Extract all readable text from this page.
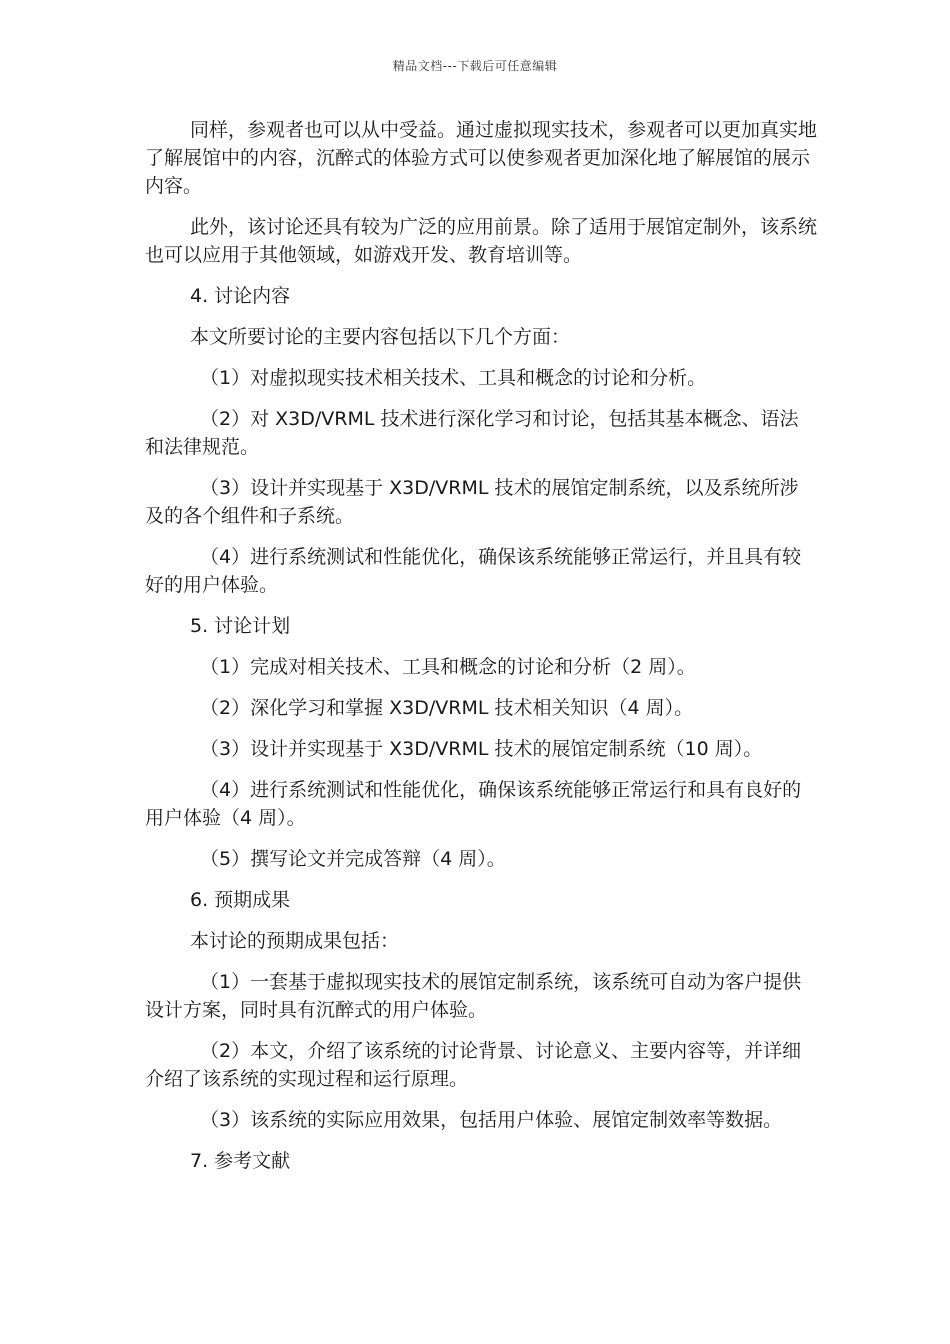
精品文档---下载后可任意编辑

同样，参观者也可以从中受益。通过虚拟现实技术，参观者可以更加真实地了解展馆中的内容，沉醉式的体验方式可以使参观者更加深化地了解展馆的展示内容。

此外，该讨论还具有较为广泛的应用前景。除了适用于展馆定制外，该系统也可以应用于其他领域，如游戏开发、教育培训等。

4. 讨论内容

本文所要讨论的主要内容包括以下几个方面：

（1）对虚拟现实技术相关技术、工具和概念的讨论和分析。

（2）对 X3D/VRML 技术进行深化学习和讨论，包括其基本概念、语法和法律规范。

（3）设计并实现基于 X3D/VRML 技术的展馆定制系统，以及系统所涉及的各个组件和子系统。

（4）进行系统测试和性能优化，确保该系统能够正常运行，并且具有较好的用户体验。

5. 讨论计划

（1）完成对相关技术、工具和概念的讨论和分析（2 周）。

（2）深化学习和掌握 X3D/VRML 技术相关知识（4 周）。

（3）设计并实现基于 X3D/VRML 技术的展馆定制系统（10 周）。

（4）进行系统测试和性能优化，确保该系统能够正常运行和具有良好的用户体验（4 周）。

（5）撰写论文并完成答辩（4 周）。

6. 预期成果

本讨论的预期成果包括：

（1）一套基于虚拟现实技术的展馆定制系统，该系统可自动为客户提供设计方案，同时具有沉醉式的用户体验。

（2）本文，介绍了该系统的讨论背景、讨论意义、主要内容等，并详细介绍了该系统的实现过程和运行原理。

（3）该系统的实际应用效果，包括用户体验、展馆定制效率等数据。

7. 参考文献
